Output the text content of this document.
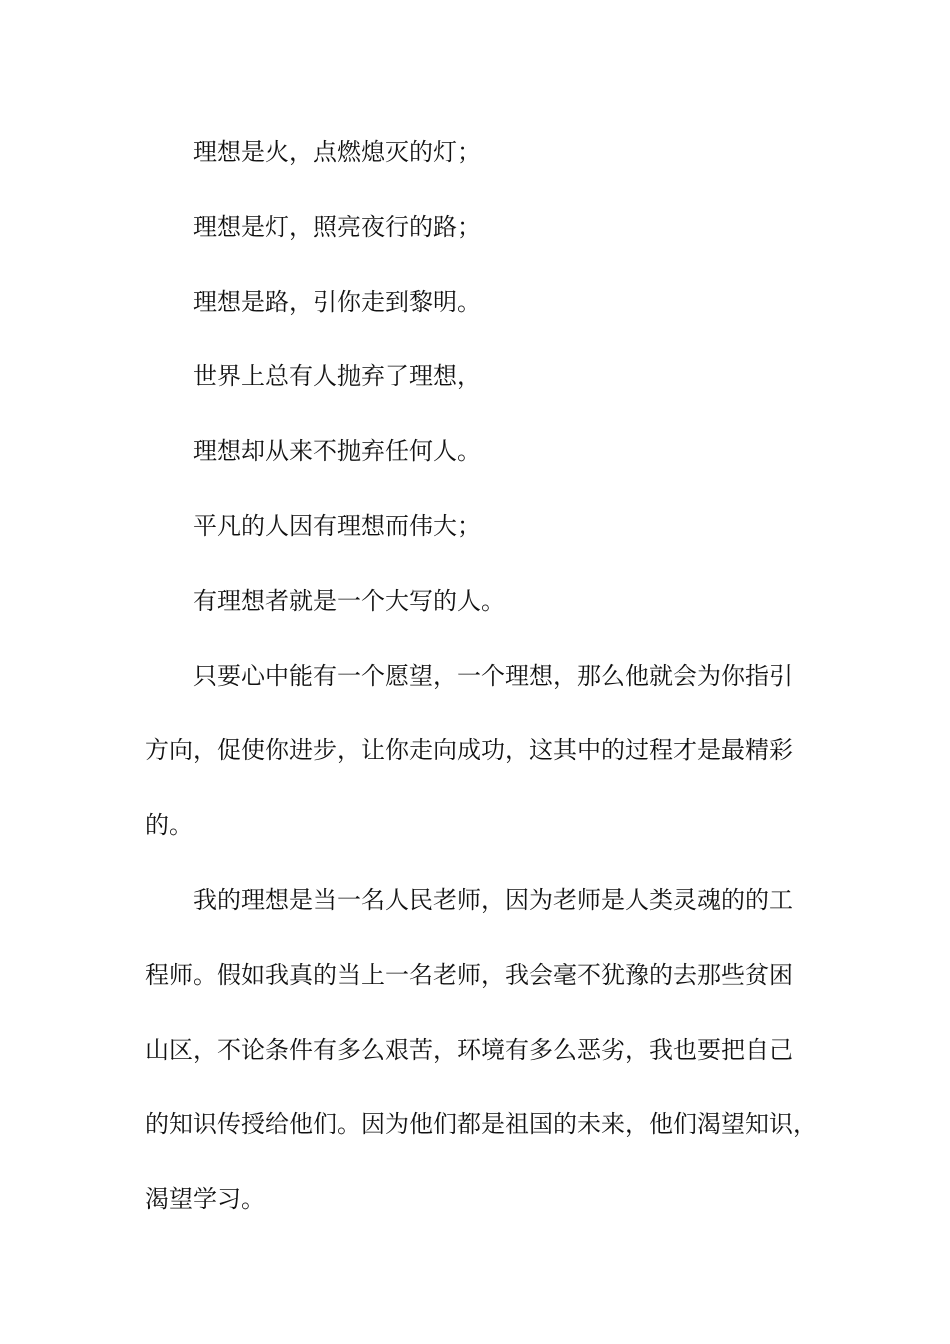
理想是火，点燃熄灭的灯；
理想是灯，照亮夜行的路；
理想是路，引你走到黎明。
世界上总有人抛弃了理想，
理想却从来不抛弃任何人。
平凡的人因有理想而伟大；
有理想者就是一个大写的人。
只要心中能有一个愿望，一个理想，那么他就会为你指引
方向，促使你进步，让你走向成功，这其中的过程才是最精彩
的。
我的理想是当一名人民老师，因为老师是人类灵魂的的工
程师。假如我真的当上一名老师，我会毫不犹豫的去那些贫困
山区，不论条件有多么艰苦，环境有多么恶劣，我也要把自己
的知识传授给他们。因为他们都是祖国的未来，他们渴望知识，
渴望学习。
